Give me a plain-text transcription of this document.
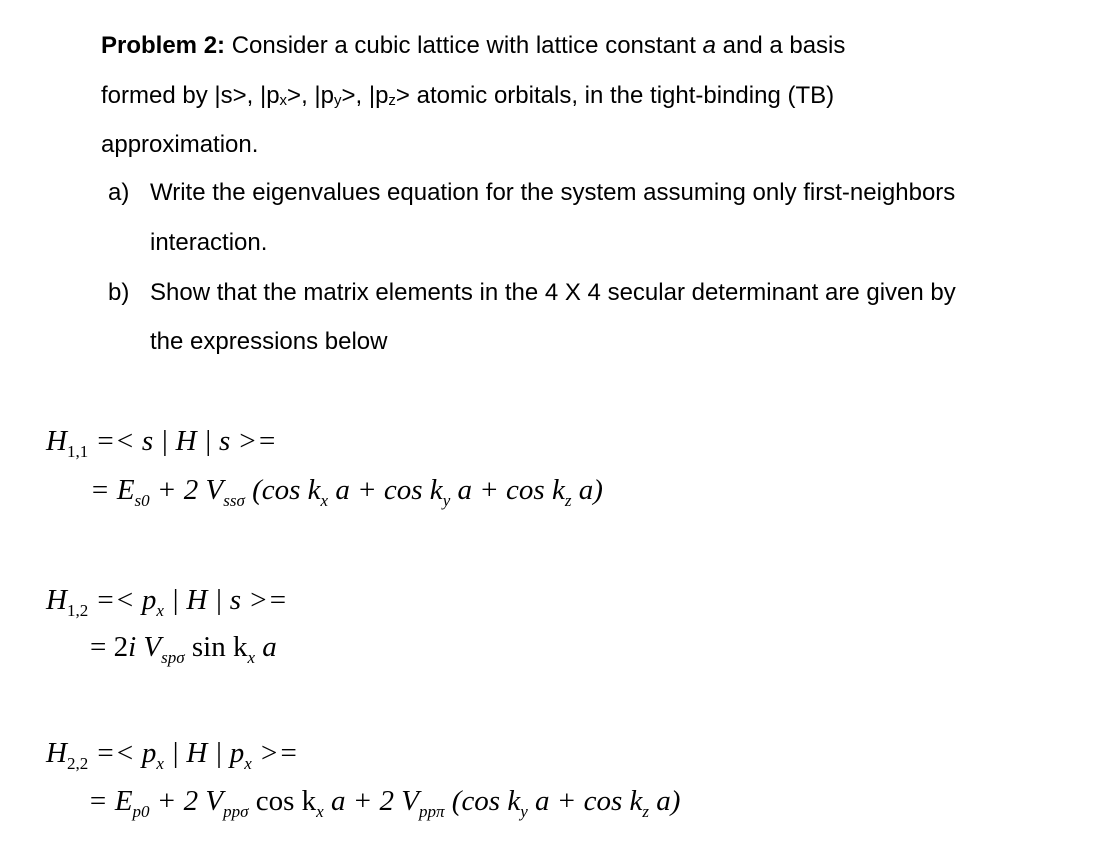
Problem 2: Consider a cubic lattice with lattice constant a and a basis
formed by |s>, |px>, |py>, |pz> atomic orbitals, in the tight-binding (TB)
approximation.
a) Write the eigenvalues equation for the system assuming only first-neighbors
interaction.
b) Show that the matrix elements in the 4 X 4 secular determinant are given by
the expressions below
$H_{1,1} =< s$ | H | s >=
= $E_{s0} + 2$ $V_{ss\sigma}$ (cos $k_x$ $a + \cos k_y$ $a + \cos k_z$ a)
$H_{1,2} =< p_x$ | H | s >=
= 2i $V_{sp\sigma}$ $\sin k_x$ a
$H_{2,2} =< p_x$ | H | $p_x$ >=
= $E_{p0} + 2$ $V_{pp\sigma}$ $\cos k_x$ a + 2 $V_{pp\pi}$ (cos $k_y$ $a + \cos k_z$ a)
